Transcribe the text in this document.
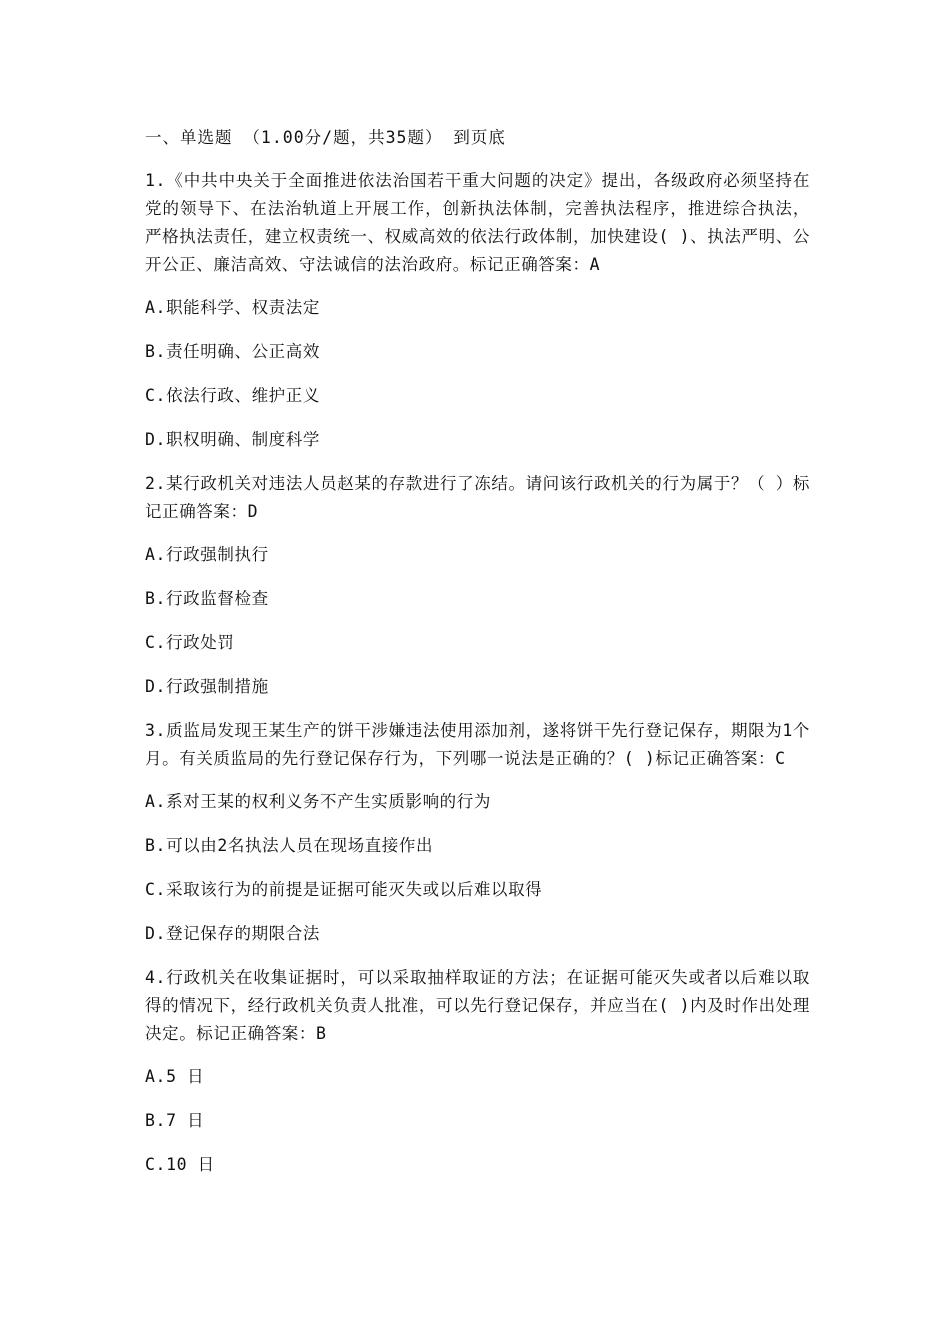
一、单选题 （1.00分/题，共35题） 到页底
1.《中共中央关于全面推进依法治国若干重大问题的决定》提出，各级政府必须坚持在党的领导下、在法治轨道上开展工作，创新执法体制，完善执法程序，推进综合执法，严格执法责任，建立权责统一、权威高效的依法行政体制，加快建设( )、执法严明、公开公正、廉洁高效、守法诚信的法治政府。标记正确答案：A
A.职能科学、权责法定
B.责任明确、公正高效
C.依法行政、维护正义
D.职权明确、制度科学
2.某行政机关对违法人员赵某的存款进行了冻结。请问该行政机关的行为属于？（ ）标记正确答案：D
A.行政强制执行
B.行政监督检查
C.行政处罚
D.行政强制措施
3.质监局发现王某生产的饼干涉嫌违法使用添加剂，遂将饼干先行登记保存，期限为1个月。有关质监局的先行登记保存行为，下列哪一说法是正确的？( )标记正确答案：C
A.系对王某的权利义务不产生实质影响的行为
B.可以由2名执法人员在现场直接作出
C.采取该行为的前提是证据可能灭失或以后难以取得
D.登记保存的期限合法
4.行政机关在收集证据时，可以采取抽样取证的方法；在证据可能灭失或者以后难以取得的情况下，经行政机关负责人批准，可以先行登记保存，并应当在( )内及时作出处理决定。标记正确答案：B
A.5 日
B.7 日
C.10 日
